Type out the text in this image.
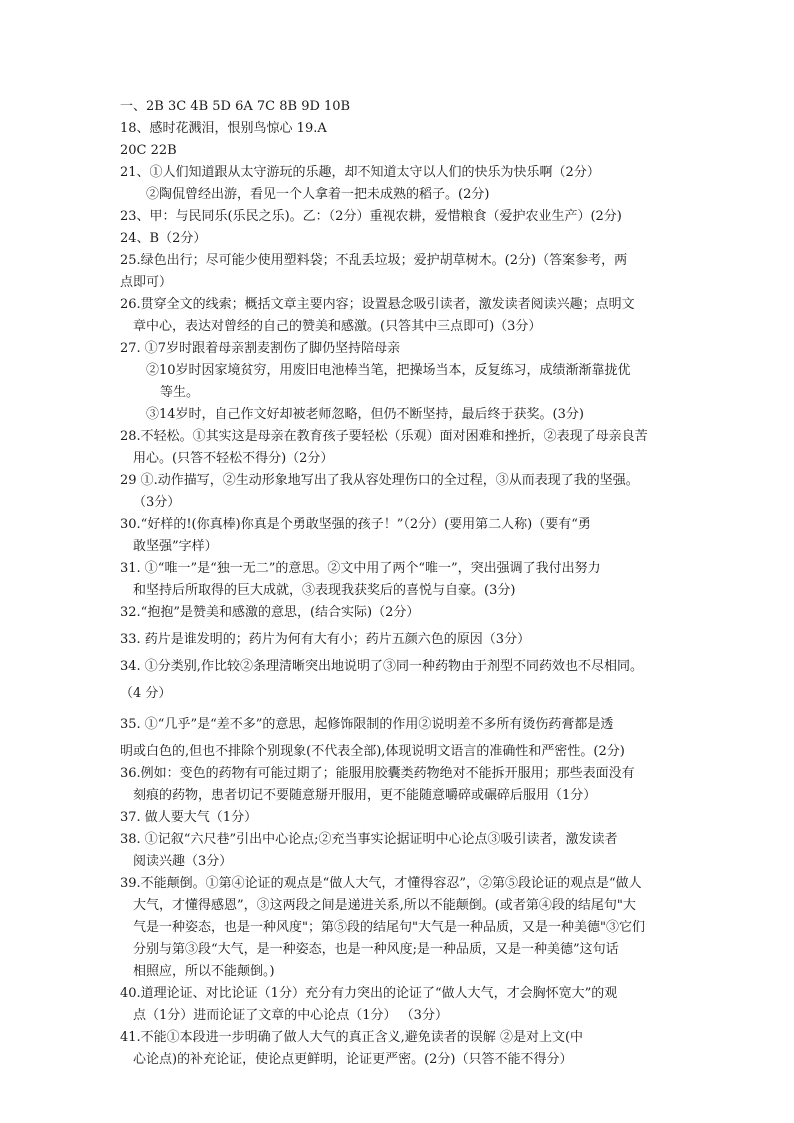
一、2B 3C 4B 5D 6A 7C 8B 9D 10B

18、感时花溅泪，恨别鸟惊心 19.A

20C 22B

21、①人们知道跟从太守游玩的乐趣，却不知道太守以人们的快乐为快乐啊（2分）

②陶侃曾经出游，看见一个人拿着一把未成熟的稻子。(2分)

23、甲：与民同乐(乐民之乐)。乙：（2分）重视农耕，爱惜粮食（爱护农业生产）(2分)

24、B（2分）

25.绿色出行；尽可能少使用塑料袋；不乱丢垃圾；爱护胡草树木。(2分)（答案参考，两

点即可）

26.贯穿全文的线索；概括文章主要内容；设置悬念吸引读者，激发读者阅读兴趣；点明文

章中心，表达对曾经的自己的赞美和感激。(只答其中三点即可)（3分）

27. ①7岁时跟着母亲割麦割伤了脚仍坚持陪母亲

②10岁时因家境贫穷，用废旧电池棒当笔，把操场当本，反复练习，成绩渐渐靠拢优

等生。

③14岁时，自己作文好却被老师忽略，但仍不断坚持，最后终于获奖。(3分)

28.不轻松。①其实这是母亲在教育孩子要轻松（乐观）面对困难和挫折，②表现了母亲良苦

用心。(只答不轻松不得分)（2分）

29 ①.动作描写，②生动形象地写出了我从容处理伤口的全过程，③从而表现了我的坚强。

（3分）

30.“好样的!(你真棒)你真是个勇敢坚强的孩子！”（2分）(要用第二人称)（要有“勇

敢坚强”字样）

31. ①“唯一”是“独一无二”的意思。②文中用了两个“唯一”，突出强调了我付出努力

和坚持后所取得的巨大成就，③表现我获奖后的喜悦与自豪。(3分)

32.“抱抱”是赞美和感激的意思，(结合实际)（2分）

33. 药片是谁发明的；药片为何有大有小；药片五颜六色的原因（3分）

34. ①分类别,作比较②条理清晰突出地说明了③同一种药物由于剂型不同药效也不尽相同。

（4 分）

35. ①“几乎”是“差不多”的意思，起修饰限制的作用②说明差不多所有烫伤药膏都是透

明或白色的,但也不排除个别现象(不代表全部),体现说明文语言的准确性和严密性。(2分)

36.例如：变色的药物有可能过期了；能服用胶囊类药物绝对不能拆开服用；那些表面没有

刻痕的药物，患者切记不要随意掰开服用，更不能随意嚼碎或碾碎后服用（1分）

37. 做人要大气（1分）

38. ①记叙“六尺巷”引出中心论点;②充当事实论据证明中心论点③吸引读者，激发读者

阅读兴趣（3分）

39.不能颠倒。①第④论证的观点是“做人大气，才懂得容忍”，②第⑤段论证的观点是“做人

大气，才懂得感恩”，③这两段之间是递进关系,所以不能颠倒。(或者第④段的结尾句"大

气是一种姿态，也是一种风度"；第⑤段的结尾句"大气是一种品质，又是一种美德"③它们

分别与第③段“大气，是一种姿态，也是一种风度;是一种品质，又是一种美德”这句话

相照应，所以不能颠倒。)

40.道理论证、对比论证（1分）充分有力突出的论证了“做人大气，才会胸怀宽大”的观

点（1分）进而论证了文章的中心论点（1分） （3分）

41.不能①本段进一步明确了做人大气的真正含义,避免读者的误解 ②是对上文(中

心论点)的补充论证，使论点更鲜明，论证更严密。(2分)（只答不能不得分）
